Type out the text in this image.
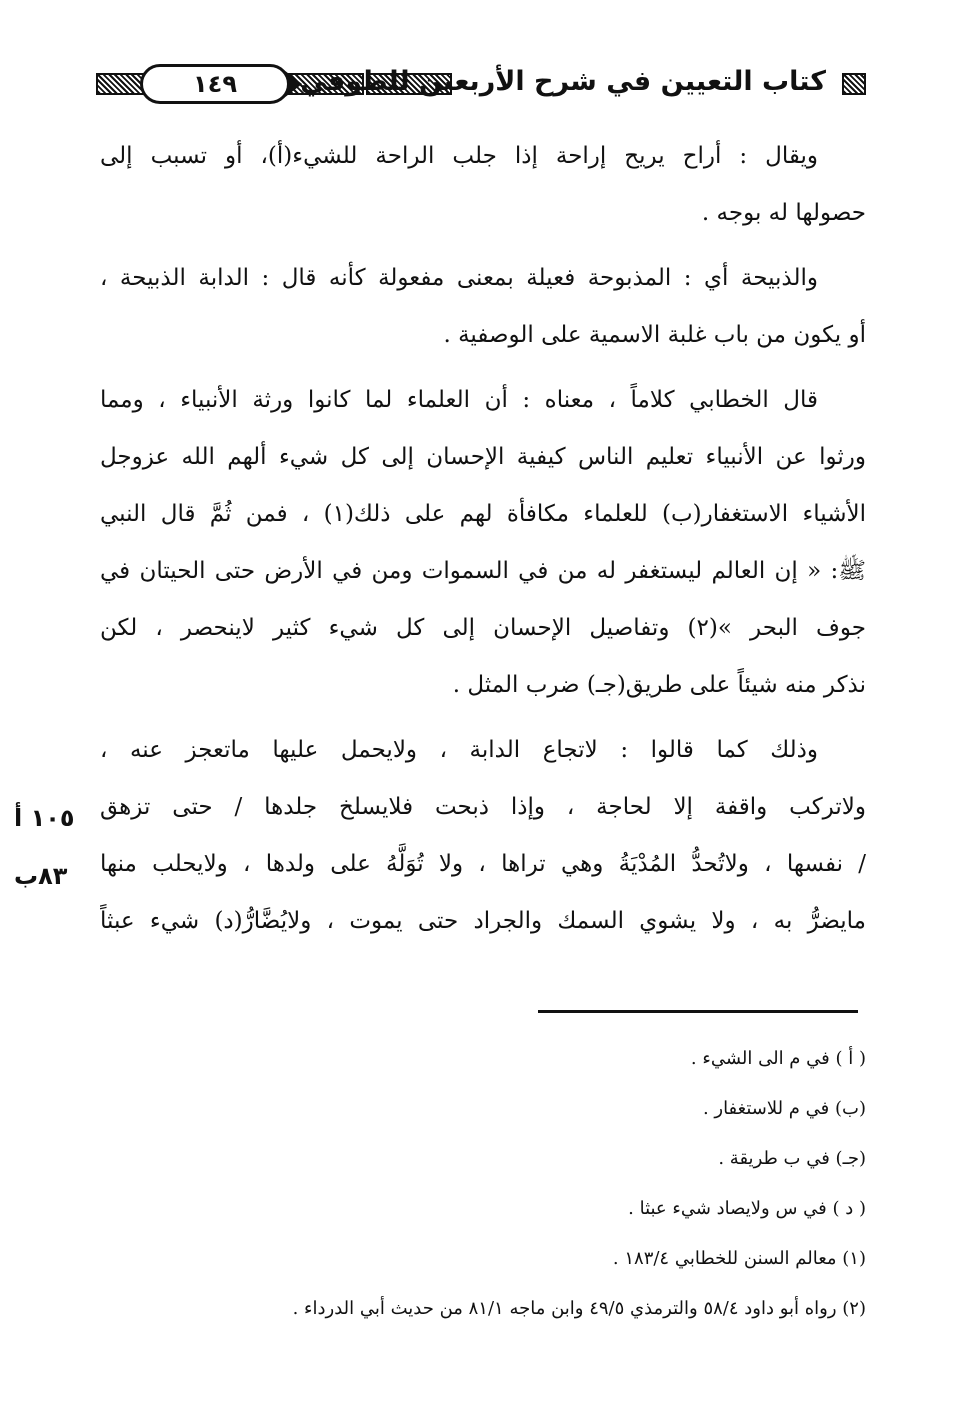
١٤٩	كتاب التعيين في شرح الأربعين للطوفي
ويقال : أراح يريح إراحة إذا جلب الراحة للشيء(أ)، أو تسبب إلى
حصولها له بوجه .
والذبيحة أي : المذبوحة فعيلة بمعنى مفعولة كأنه قال : الدابة الذبيحة ،
أو يكون من باب غلبة الاسمية على الوصفية .
قال الخطابي كلاماً ، معناه : أن العلماء لما كانوا ورثة الأنبياء ، ومما
ورثوا عن الأنبياء تعليم الناس كيفية الإحسان إلى كل شيء ألهم الله عزوجل
الأشياء الاستغفار(ب) للعلماء مكافأة لهم على ذلك(١) ، فمن ثُمَّ قال النبي
ﷺ: « إن العالم ليستغفر له من في السموات ومن في الأرض حتى الحيتان في
جوف البحر »(٢) وتفاصيل الإحسان إلى كل شيء كثير لاينحصر ، لكن
نذكر منه شيئاً على طريق(جـ) ضرب المثل .
وذلك كما قالوا : لاتجاع الدابة ، ولايحمل عليها ماتعجز عنه ،
ولاتركب واقفة إلا لحاجة ، وإذا ذبحت فلايسلخ جلدها / حتى تزهق
/ نفسها ، ولاتُحدُّ المُدْيَةُ وهي تراها ، ولا تُوَلَّهُ على ولدها ، ولايحلب منها
مايضرُّ به ، ولا يشوي السمك والجراد حتى يموت ، ولايُضَّارُّ(د) شيء عبثاً
١٠٥ أ
٨٣ب
( أ ) في م الى الشيء .
(ب) في م للاستغفار .
(جـ) في ب طريقة .
( د ) في س ولايصاد شيء عبثا .
(١) معالم السنن للخطابي ١٨٣/٤ .
(٢) رواه أبو داود ٥٨/٤ والترمذي ٤٩/٥ وابن ماجه ٨١/١ من حديث أبي الدرداء .
